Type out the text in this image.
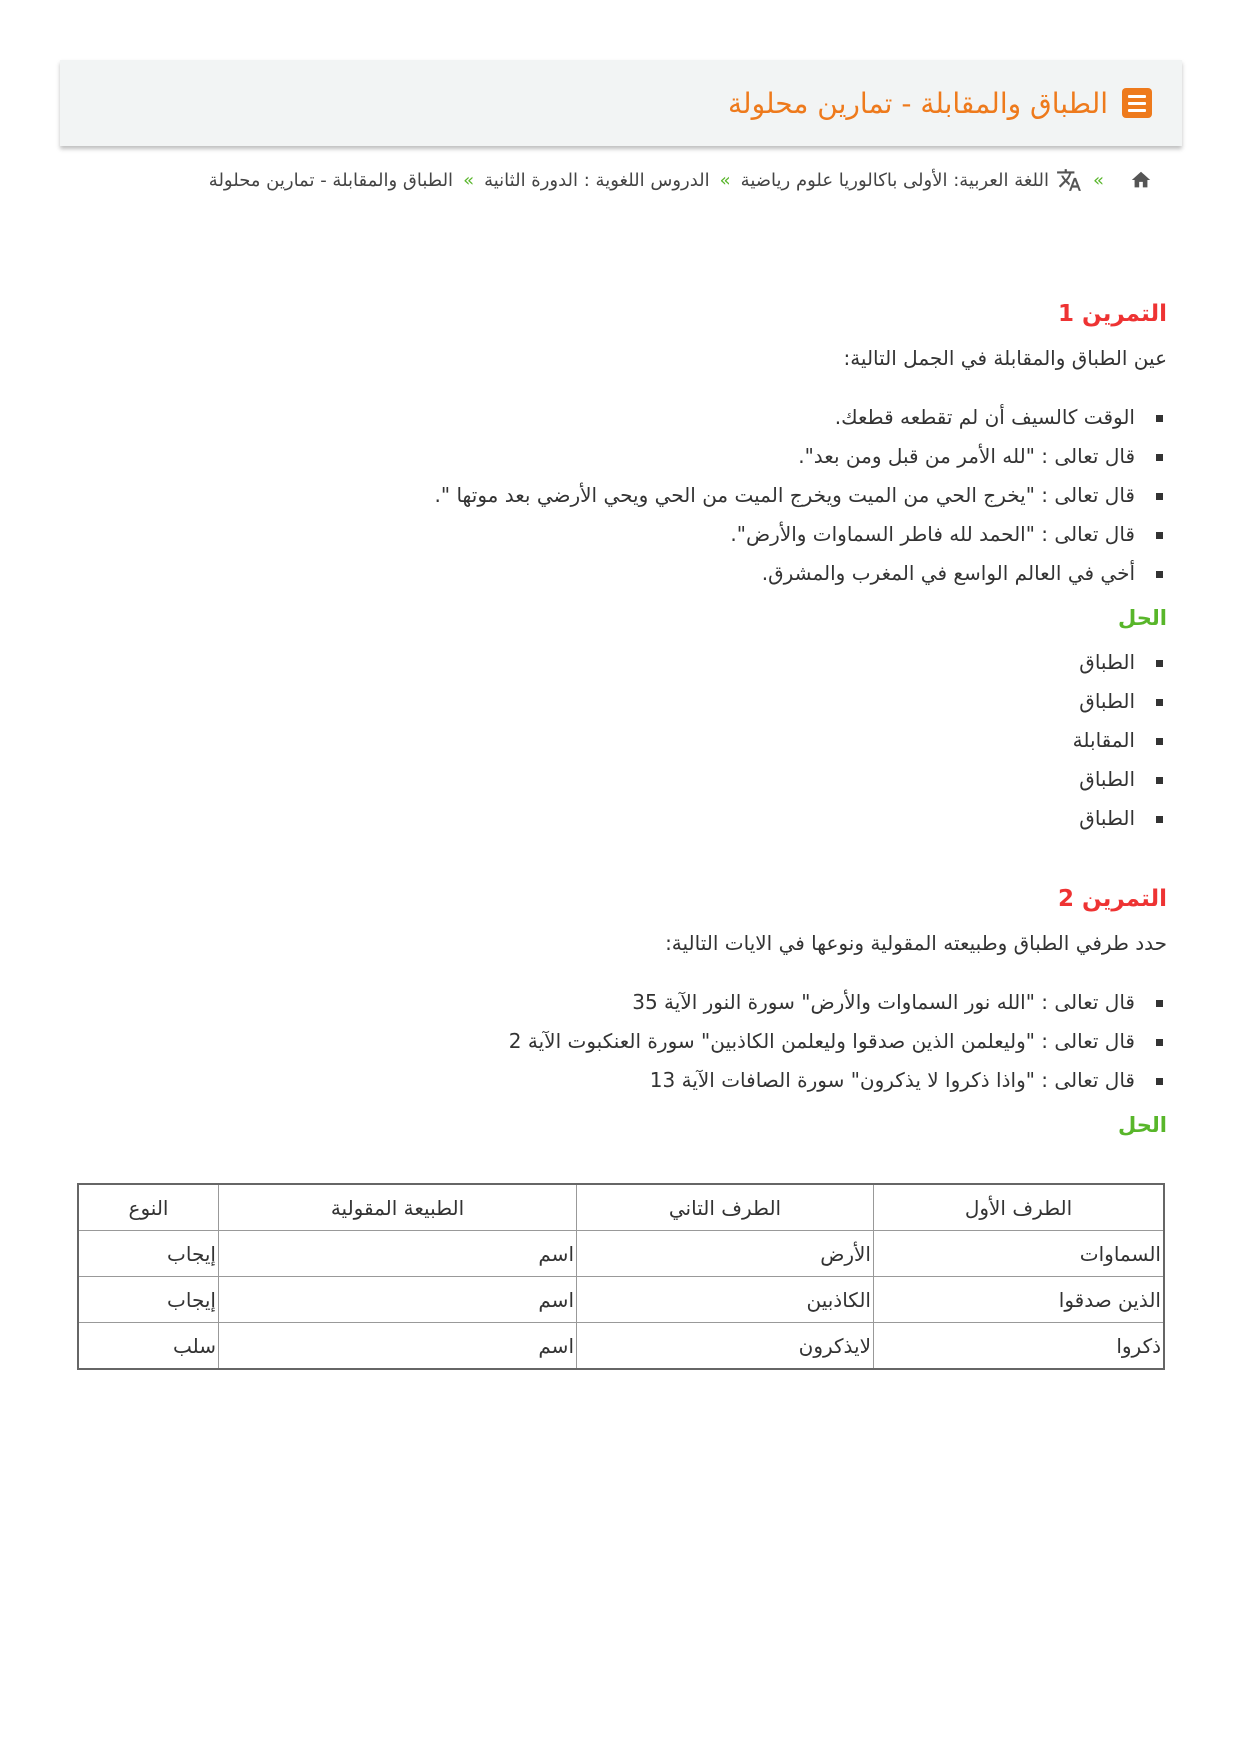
الطباق والمقابلة - تمارين محلولة
»
اللغة العربية: الأولى باكالوريا علوم رياضية
»
الدروس اللغوية : الدورة الثانية
»
الطباق والمقابلة - تمارين محلولة
التمرين 1

عين الطباق والمقابلة في الجمل التالية:

الوقت كالسيف أن لم تقطعه قطعك.
قال تعالى : "لله الأمر من قبل ومن بعد".
قال تعالى : "يخرج الحي من الميت ويخرج الميت من الحي ويحي الأرضي بعد موتها ".
قال تعالى : "الحمد لله فاطر السماوات والأرض".
أخي في العالم الواسع في المغرب والمشرق.
الحل
الطباق
الطباق
المقابلة
الطباق
الطباق
التمرين 2

حدد طرفي الطباق وطبيعته المقولية ونوعها في الايات التالية:

قال تعالى : "الله نور السماوات والأرض" سورة النور الآية 35
قال تعالى : "وليعلمن الذين صدقوا وليعلمن الكاذبين" سورة العنكبوت الآية 2
قال تعالى : "واذا ذكروا لا يذكرون" سورة الصافات الآية 13
الحل
الطرف الأول	الطرف التاني	الطبيعة المقولية	النوع
السماوات	الأرض	اسم	إيجاب
الذين صدقوا	الكاذبين	اسم	إيجاب
ذكروا	لايذكرون	اسم	سلب
